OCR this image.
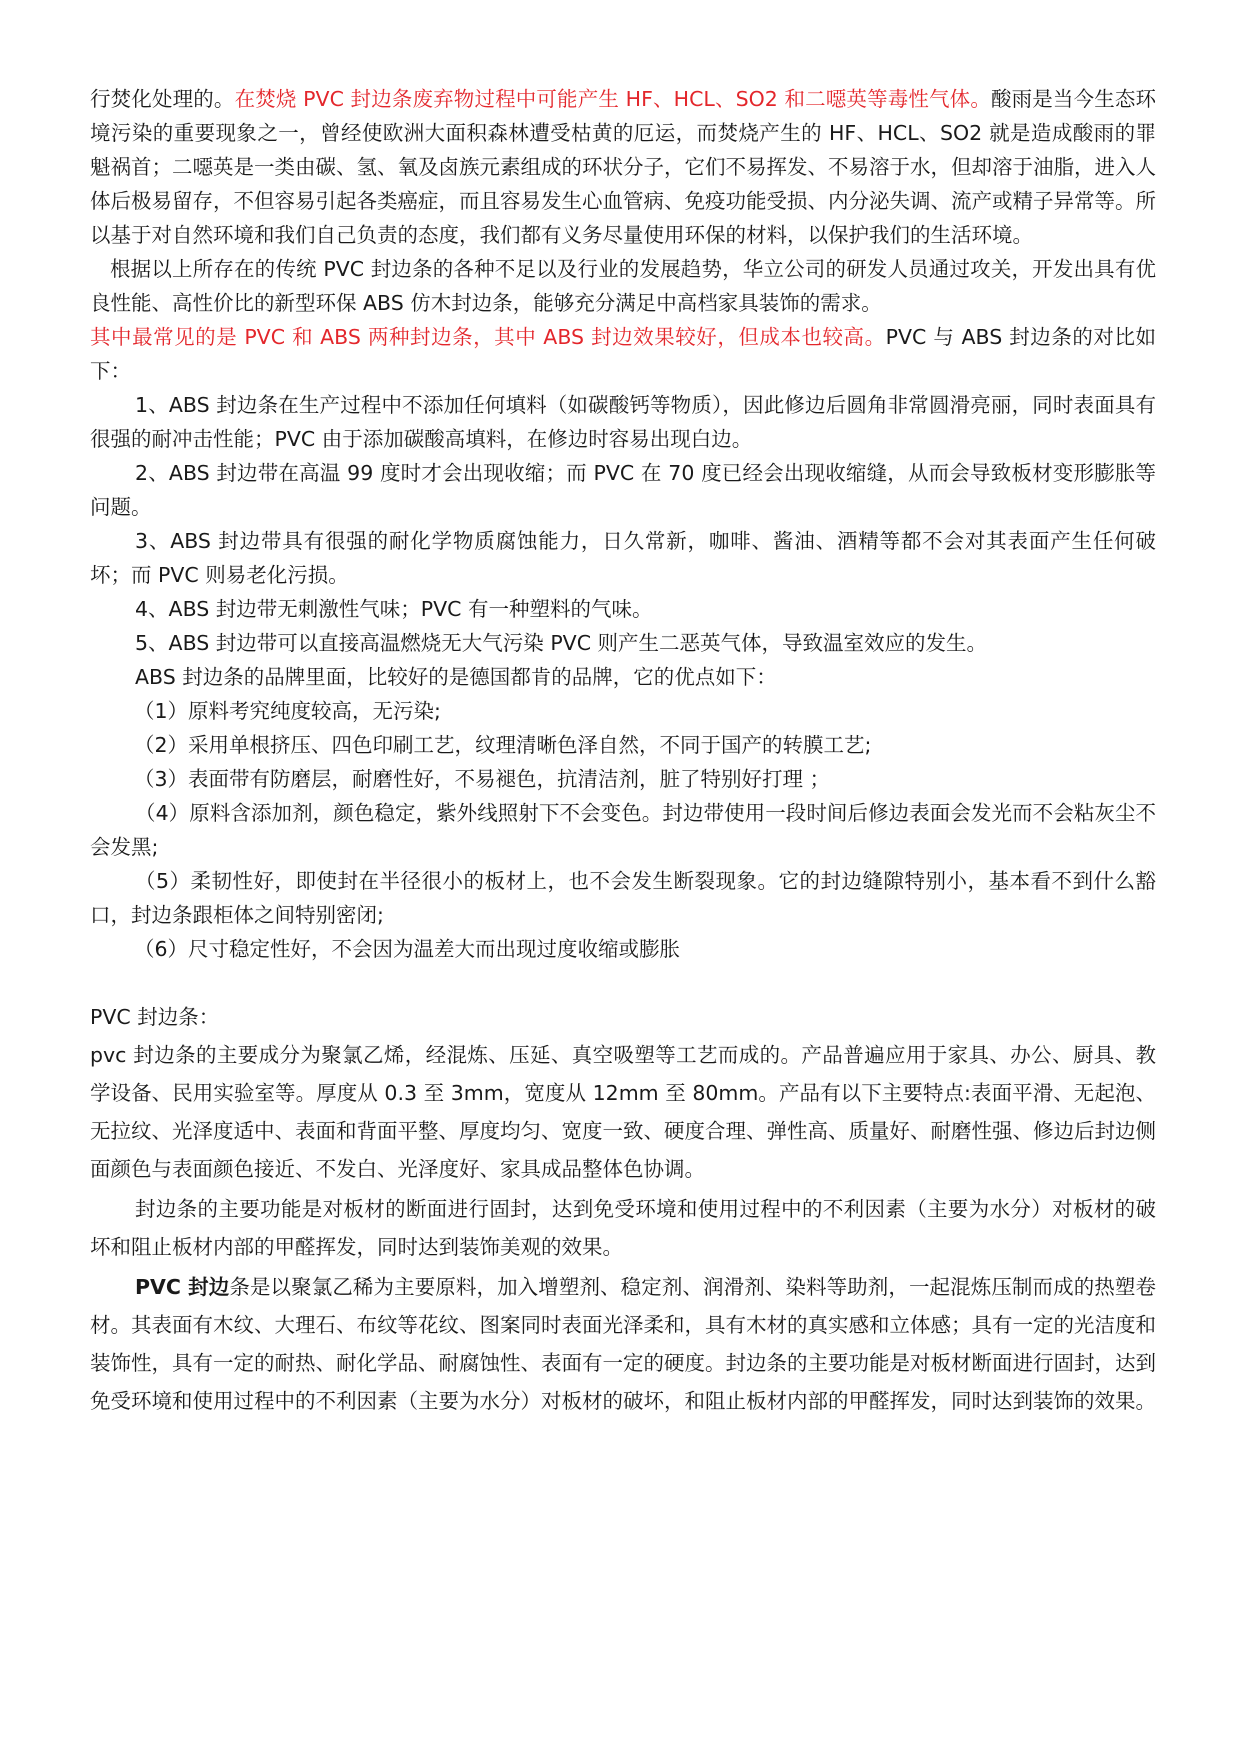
行焚化处理的。在焚烧 PVC 封边条废弃物过程中可能产生 HF、HCL、SO2 和二噁英等毒性气体。酸雨是当今生态环境污染的重要现象之一，曾经使欧洲大面积森林遭受枯黄的厄运，而焚烧产生的 HF、HCL、SO2 就是造成酸雨的罪魁祸首；二噁英是一类由碳、氢、氧及卤族元素组成的环状分子，它们不易挥发、不易溶于水，但却溶于油脂，进入人体后极易留存，不但容易引起各类癌症，而且容易发生心血管病、免疫功能受损、内分泌失调、流产或精子异常等。所以基于对自然环境和我们自己负责的态度，我们都有义务尽量使用环保的材料，以保护我们的生活环境。

根据以上所存在的传统 PVC 封边条的各种不足以及行业的发展趋势，华立公司的研发人员通过攻关，开发出具有优良性能、高性价比的新型环保 ABS 仿木封边条，能够充分满足中高档家具装饰的需求。

其中最常见的是 PVC 和 ABS 两种封边条，其中 ABS 封边效果较好，但成本也较高。PVC 与 ABS 封边条的对比如下：

1、ABS 封边条在生产过程中不添加任何填料（如碳酸钙等物质），因此修边后圆角非常圆滑亮丽，同时表面具有很强的耐冲击性能；PVC 由于添加碳酸高填料，在修边时容易出现白边。

2、ABS 封边带在高温 99 度时才会出现收缩；而 PVC 在 70 度已经会出现收缩缝，从而会导致板材变形膨胀等问题。

3、ABS 封边带具有很强的耐化学物质腐蚀能力，日久常新，咖啡、酱油、酒精等都不会对其表面产生任何破坏；而 PVC 则易老化污损。

4、ABS 封边带无刺激性气味；PVC 有一种塑料的气味。

5、ABS 封边带可以直接高温燃烧无大气污染 PVC 则产生二恶英气体，导致温室效应的发生。

ABS 封边条的品牌里面，比较好的是德国都肯的品牌，它的优点如下：

（1）原料考究纯度较高，无污染;

（2）采用单根挤压、四色印刷工艺，纹理清晰色泽自然，不同于国产的转膜工艺;

（3）表面带有防磨层，耐磨性好，不易褪色，抗清洁剂，脏了特别好打理 ；

（4）原料含添加剂，颜色稳定，紫外线照射下不会变色。封边带使用一段时间后修边表面会发光而不会粘灰尘不会发黑;

（5）柔韧性好，即使封在半径很小的板材上，也不会发生断裂现象。它的封边缝隙特别小，基本看不到什么豁口，封边条跟柜体之间特别密闭;

（6）尺寸稳定性好，不会因为温差大而出现过度收缩或膨胀

PVC 封边条：

pvc 封边条的主要成分为聚氯乙烯，经混炼、压延、真空吸塑等工艺而成的。产品普遍应用于家具、办公、厨具、教学设备、民用实验室等。厚度从 0.3 至 3mm，宽度从 12mm 至 80mm。产品有以下主要特点:表面平滑、无起泡、无拉纹、光泽度适中、表面和背面平整、厚度均匀、宽度一致、硬度合理、弹性高、质量好、耐磨性强、修边后封边侧面颜色与表面颜色接近、不发白、光泽度好、家具成品整体色协调。

封边条的主要功能是对板材的断面进行固封，达到免受环境和使用过程中的不利因素（主要为水分）对板材的破坏和阻止板材内部的甲醛挥发，同时达到装饰美观的效果。

PVC 封边条是以聚氯乙稀为主要原料，加入增塑剂、稳定剂、润滑剂、染料等助剂，一起混炼压制而成的热塑卷材。其表面有木纹、大理石、布纹等花纹、图案同时表面光泽柔和，具有木材的真实感和立体感；具有一定的光洁度和装饰性，具有一定的耐热、耐化学品、耐腐蚀性、表面有一定的硬度。封边条的主要功能是对板材断面进行固封，达到免受环境和使用过程中的不利因素（主要为水分）对板材的破坏，和阻止板材内部的甲醛挥发，同时达到装饰的效果。
